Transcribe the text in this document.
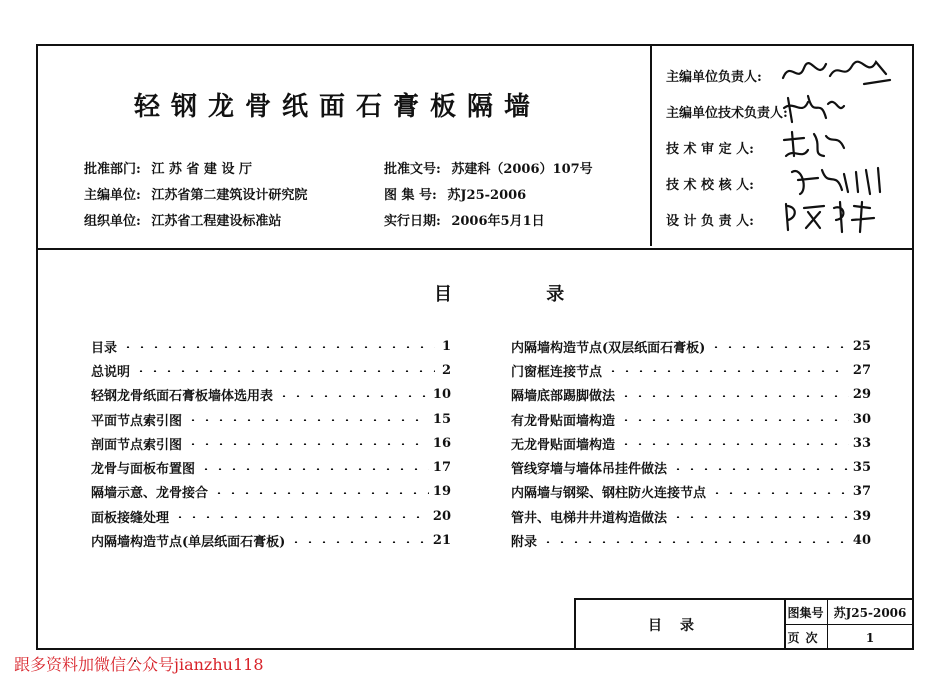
轻钢龙骨纸面石膏板隔墙
批准部门: 江 苏 省 建 设 厅
主编单位: 江苏省第二建筑设计研究院
组织单位: 江苏省工程建设标准站
批准文号: 苏建科（2006）107号
图 集 号: 苏J25-2006
实行日期: 2006年5月1日
主编单位负责人:
主编单位技术负责人:
技 术 审 定 人:
技 术 校 核 人:
设 计 负 责 人:
目 录
目录	1
总说明	2
轻钢龙骨纸面石膏板墙体选用表	10
平面节点索引图	15
剖面节点索引图	16
龙骨与面板布置图	17
隔墙示意、龙骨接合	19
面板接缝处理	20
内隔墙构造节点(单层纸面石膏板)	21
内隔墙构造节点(双层纸面石膏板)	25
门窗框连接节点	27
隔墙底部踢脚做法	29
有龙骨贴面墙构造	30
无龙骨贴面墙构造	33
管线穿墙与墙体吊挂件做法	35
内隔墙与钢梁、钢柱防火连接节点	37
管井、电梯井井道构造做法	39
附录	40
目录
图集号 苏J25-2006
页次	1
跟多资料加微信公众号jianzhu118
